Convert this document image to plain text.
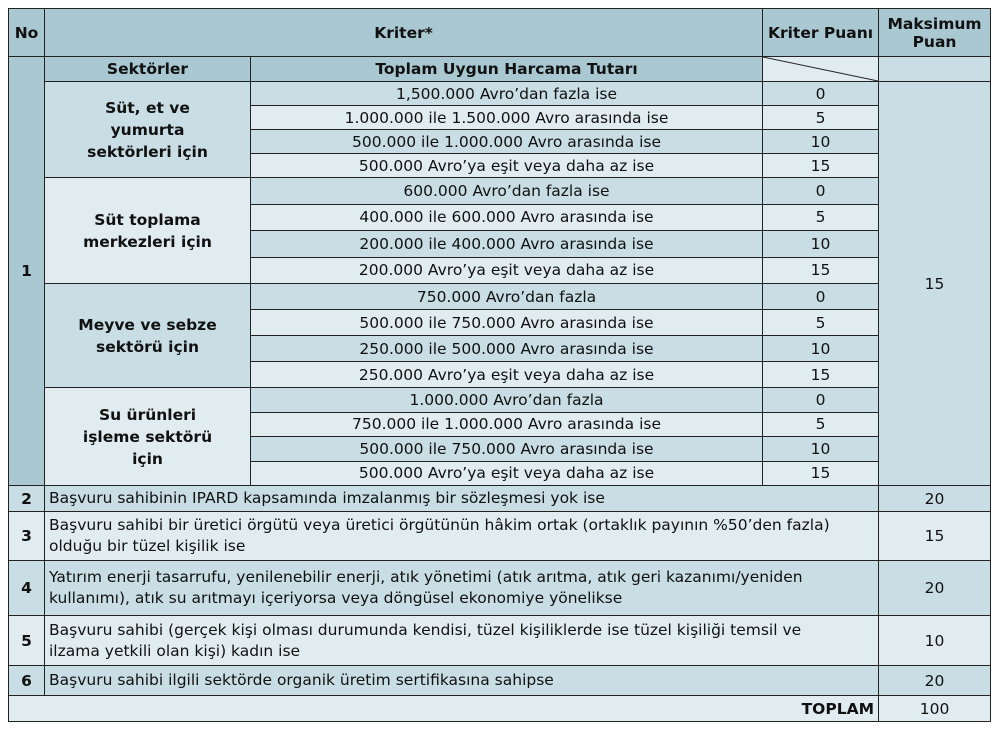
No	Kriter*		Kriter Puanı	Maksimum Puan
1	Sektörler	Toplam Uygun Harcama Tutarı	

	Süt, et ve yumurta sektörleri için	1,500.000 Avro’dan fazla ise	0	15
		1.000.000 ile 1.500.000 Avro arasında ise	5	
		500.000 ile 1.000.000 Avro arasında ise	10	
		500.000 Avro’ya eşit veya daha az ise	15	
	Süt toplama merkezleri için	600.000 Avro’dan fazla ise	0	
		400.000 ile 600.000 Avro arasında ise	5	
		200.000 ile 400.000 Avro arasında ise	10	
		200.000 Avro’ya eşit veya daha az ise	15	
	Meyve ve sebze sektörü için	750.000 Avro’dan fazla	0	
		500.000 ile 750.000 Avro arasında ise	5	
		250.000 ile 500.000 Avro arasında ise	10	
		250.000 Avro’ya eşit veya daha az ise	15	
	Su ürünleri işleme sektörü için	1.000.000 Avro’dan fazla	0	
		750.000 ile 1.000.000 Avro arasında ise	5	
		500.000 ile 750.000 Avro arasında ise	10	
		500.000 Avro’ya eşit veya daha az ise	15	
2	Başvuru sahibinin IPARD kapsamında imzalanmış bir sözleşmesi yok ise			20
3	Başvuru sahibi bir üretici örgütü veya üretici örgütünün hâkim ortak (ortaklık payının %50’den fazla) olduğu bir tüzel kişilik ise			15
4	Yatırım enerji tasarrufu, yenilenebilir enerji, atık yönetimi (atık arıtma, atık geri kazanımı/yeniden kullanımı), atık su arıtmayı içeriyorsa veya döngüsel ekonomiye yönelikse			20
5	Başvuru sahibi (gerçek kişi olması durumunda kendisi, tüzel kişiliklerde ise tüzel kişiliği temsil ve ilzama yetkili olan kişi) kadın ise			10
6	Başvuru sahibi ilgili sektörde organik üretim sertifikasına sahipse			20
TOPLAM				100
